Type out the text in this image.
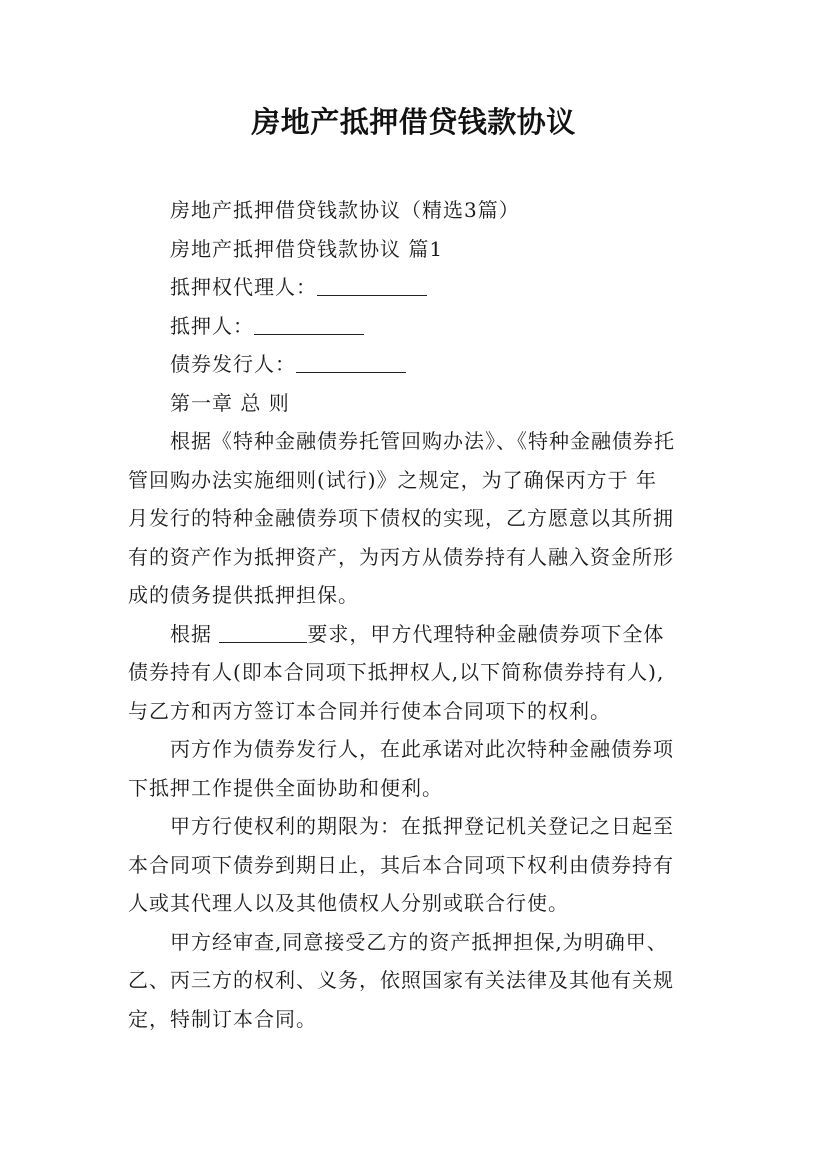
房地产抵押借贷钱款协议
房地产抵押借贷钱款协议（精选3篇）
房地产抵押借贷钱款协议 篇1
抵押权代理人：
抵押人：
债券发行人：
第一章 总 则
根据《特种金融债券托管回购办法》、《特种金融债券托
管回购办法实施细则(试行)》之规定，为了确保丙方于 年
月发行的特种金融债券项下债权的实现，乙方愿意以其所拥
有的资产作为抵押资产，为丙方从债券持有人融入资金所形
成的债务提供抵押担保。
根据	要求，甲方代理特种金融债券项下全体
债券持有人(即本合同项下抵押权人,以下简称债券持有人),
与乙方和丙方签订本合同并行使本合同项下的权利。
丙方作为债券发行人，在此承诺对此次特种金融债券项
下抵押工作提供全面协助和便利。
甲方行使权利的期限为：在抵押登记机关登记之日起至
本合同项下债券到期日止，其后本合同项下权利由债券持有
人或其代理人以及其他债权人分别或联合行使。
甲方经审查,同意接受乙方的资产抵押担保,为明确甲、
乙、丙三方的权利、义务，依照国家有关法律及其他有关规
定，特制订本合同。
